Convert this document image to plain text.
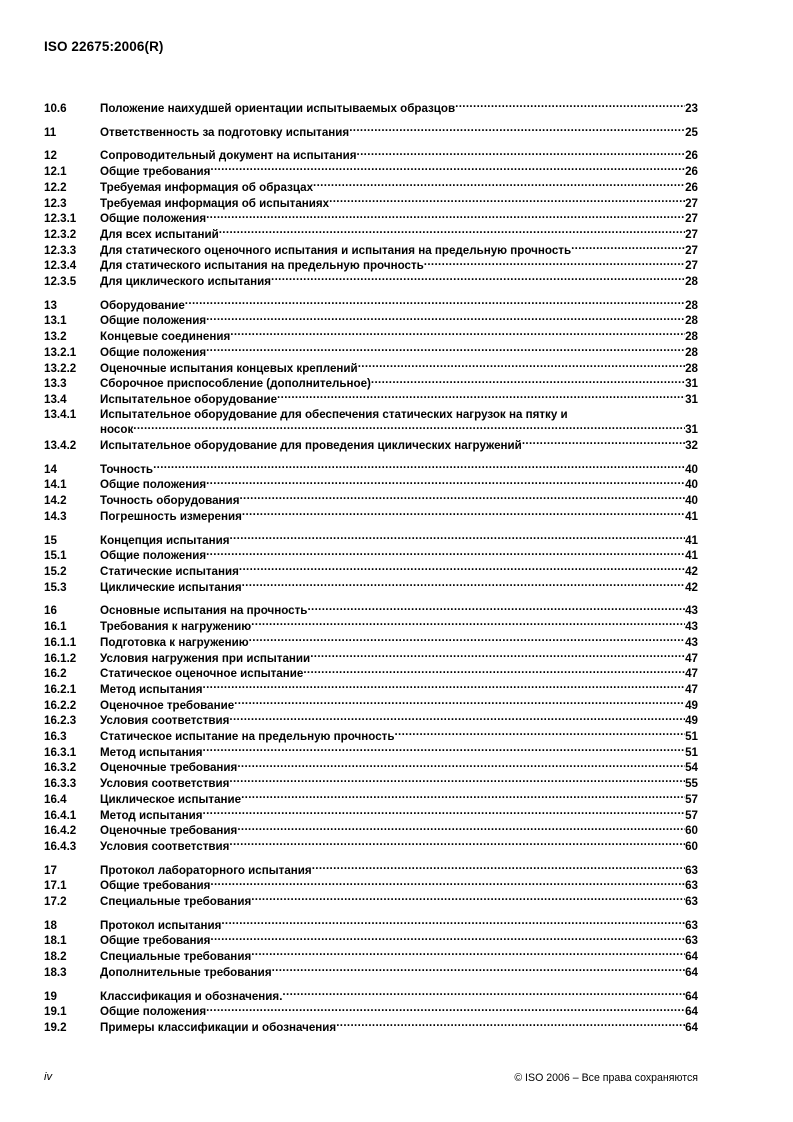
ISO 22675:2006(R)
10.6	Положение наихудшей ориентации испытываемых образцов .....	23
11	Ответственность за подготовку испытания .....	25
12	Сопроводительный документ на испытания .....	26
12.1	Общие требования .....	26
12.2	Требуемая информация об образцах .....	26
12.3	Требуемая информация об испытаниях .....	27
12.3.1	Общие положения .....	27
12.3.2	Для всех испытаний .....	27
12.3.3	Для статического оценочного испытания и испытания на предельную прочность .....	27
12.3.4	Для статического испытания на предельную прочность .....	27
12.3.5	Для циклического испытания .....	28
13	Оборудование .....	28
13.1	Общие положения .....	28
13.2	Концевые соединения .....	28
13.2.1	Общие положения .....	28
13.2.2	Оценочные испытания концевых креплений .....	28
13.3	Сборочное приспособление (дополнительное) .....	31
13.4	Испытательное оборудование .....	31
13.4.1	Испытательное оборудование для обеспечения статических нагрузок на пятку и
носок .....	31
13.4.2	Испытательное оборудование для проведения циклических нагружений .....	32
14	Точность .....	40
14.1	Общие положения .....	40
14.2	Точность оборудования .....	40
14.3	Погрешность измерения .....	41
15	Концепция испытания .....	41
15.1	Общие положения .....	41
15.2	Статические испытания .....	42
15.3	Циклические испытания .....	42
16	Основные испытания на прочность .....	43
16.1	Требования к нагружению .....	43
16.1.1	Подготовка к нагружению .....	43
16.1.2	Условия нагружения при испытании .....	47
16.2	Статическое оценочное испытание .....	47
16.2.1	Метод испытания .....	47
16.2.2	Оценочное требование .....	49
16.2.3	Условия соответствия .....	49
16.3	Статическое испытание на предельную прочность .....	51
16.3.1	Метод испытания .....	51
16.3.2	Оценочные требования .....	54
16.3.3	Условия соответствия .....	55
16.4	Циклическое испытание .....	57
16.4.1	Метод испытания .....	57
16.4.2	Оценочные требования .....	60
16.4.3	Условия соответствия .....	60
17	Протокол лабораторного испытания .....	63
17.1	Общие требования .....	63
17.2	Специальные требования .....	63
18	Протокол испытания .....	63
18.1	Общие требования .....	63
18.2	Специальные требования .....	64
18.3	Дополнительные требования .....	64
19	Классификация и обозначения. .....	64
19.1	Общие положения .....	64
19.2	Примеры классификации и обозначения .....	64
iv	© ISO 2006 – Все права сохраняются
